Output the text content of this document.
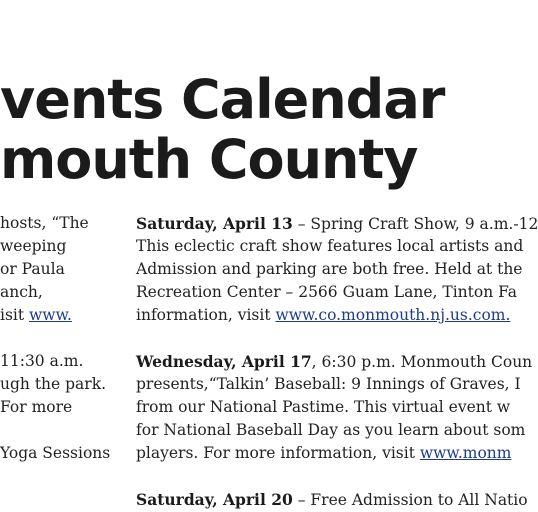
vents Calendar
mouth County
hosts, “The
weeping
or Paula
anch,
isit www.
11:30 a.m.
ugh the park.
For more
Yoga Sessions
Saturday, April 13 – Spring Craft Show, 9 a.m.-12
This eclectic craft show features local artists and
Admission and parking are both free. Held at the
Recreation Center – 2566 Guam Lane, Tinton Fa
information, visit www.co.monmouth.nj.us.com.
Wednesday, April 17, 6:30 p.m. Monmouth Coun
presents,“Talkin’ Baseball: 9 Innings of Graves, I
from our National Pastime. This virtual event w
for National Baseball Day as you learn about som
players. For more information, visit www.monm
Saturday, April 20 – Free Admission to All Natio
